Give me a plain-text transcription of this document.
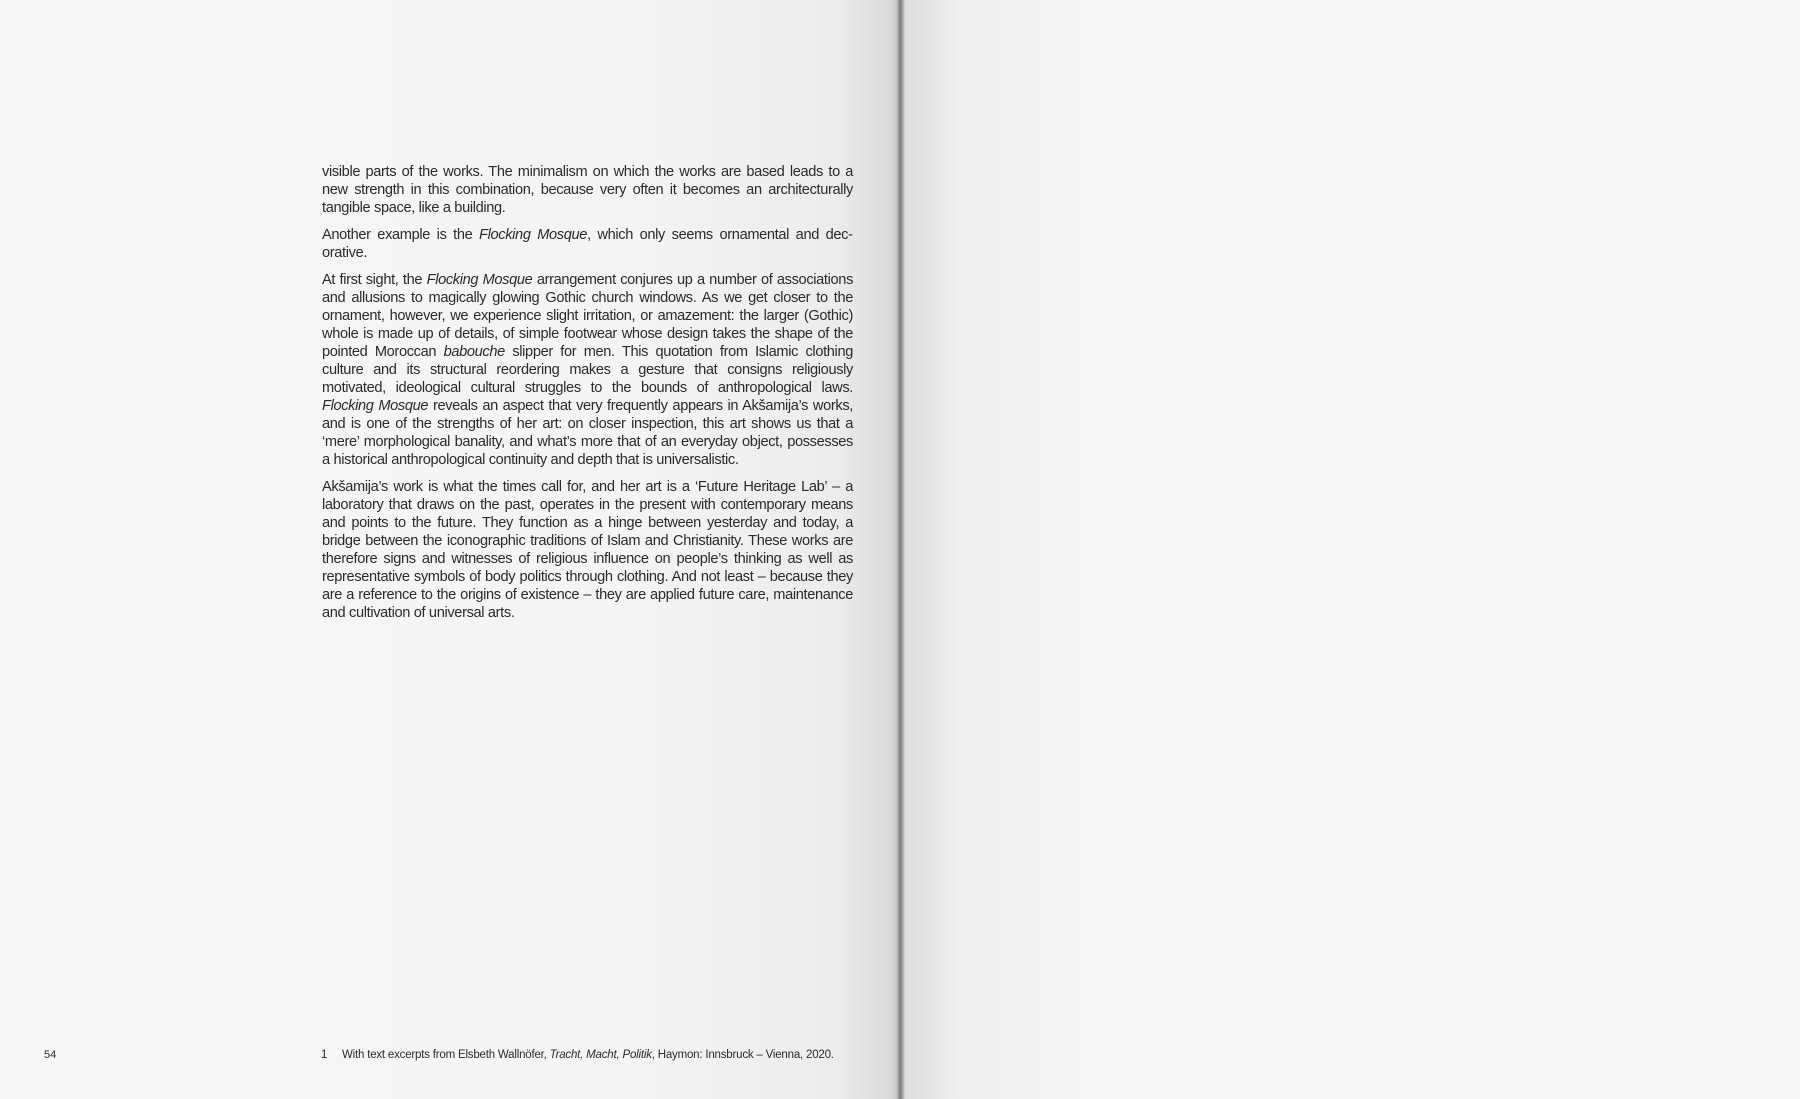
visible parts of the works. The minimalism on which the works are based leads to a new strength in this combination, because very often it becomes an architecturally tangible space, like a building.

Another example is the Flocking Mosque, which only seems ornamental and decorative.

At first sight, the Flocking Mosque arrangement conjures up a number of associations and allusions to magically glowing Gothic church windows. As we get closer to the ornament, however, we experience slight irritation, or amazement: the larger (Gothic) whole is made up of details, of simple footwear whose design takes the shape of the pointed Moroccan babouche slipper for men. This quotation from Islamic clothing culture and its structural reordering makes a gesture that consigns religiously motivated, ideological cultural struggles to the bounds of anthropological laws. Flocking Mosque reveals an aspect that very frequently appears in Akšamija’s works, and is one of the strengths of her art: on closer inspection, this art shows us that a ‘mere’ morphological banality, and what’s more that of an everyday object, possesses a historical anthropological continuity and depth that is universalistic.

Akšamija’s work is what the times call for, and her art is a ‘Future Heritage Lab’ – a laboratory that draws on the past, operates in the present with contemporary means and points to the future. They function as a hinge between yesterday and today, a bridge between the iconographic traditions of Islam and Christianity. These works are therefore signs and witnesses of religious influence on people’s thinking as well as representative symbols of body politics through clothing. And not least – because they are a reference to the origins of existence – they are applied future care, maintenance and cultivation of universal arts.

54	1 With text excerpts from Elsbeth Wallnöfer, Tracht, Macht, Politik, Haymon: Innsbruck – Vienna, 2020.
